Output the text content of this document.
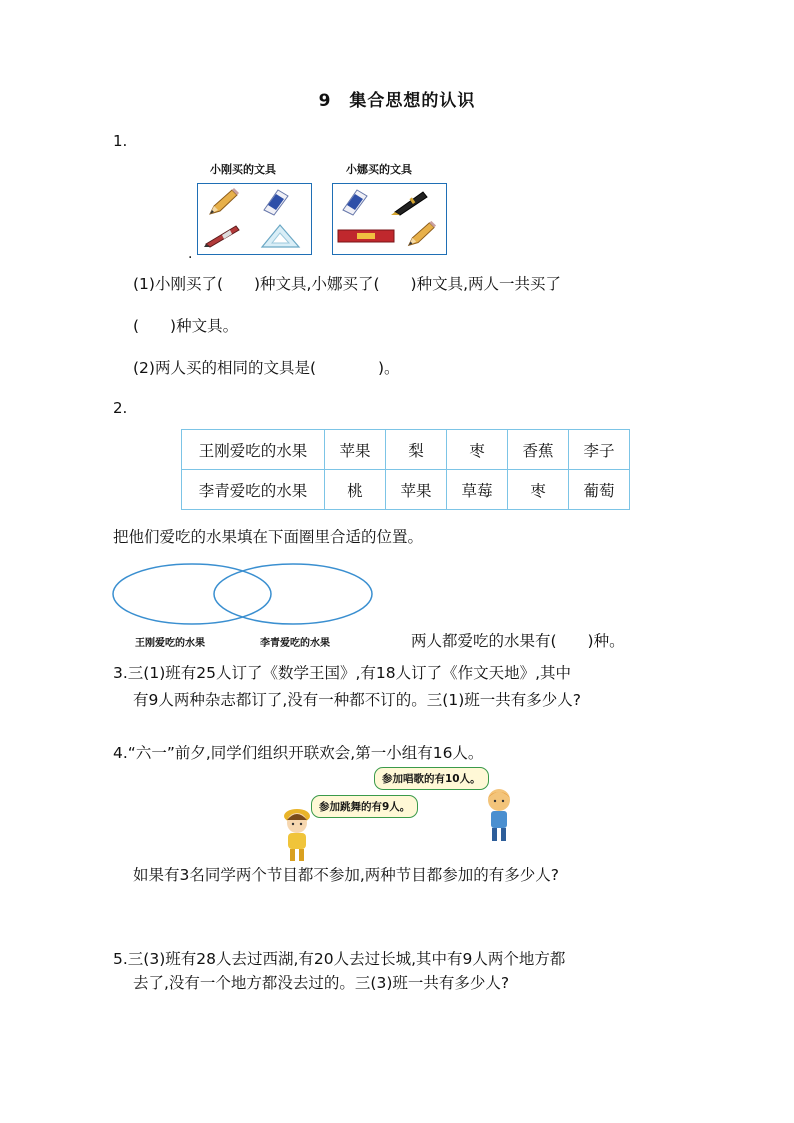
9　集合思想的认识
1.
小刚买的文具	小娜买的文具
.
(1)小刚买了(　　)种文具,小娜买了(　　)种文具,两人一共买了
(　　)种文具。
(2)两人买的相同的文具是(　　　　)。
2.
王刚爱吃的水果	苹果	梨	枣	香蕉	李子
李青爱吃的水果	桃	苹果	草莓	枣	葡萄
把他们爱吃的水果填在下面圈里合适的位置。
王刚爱吃的水果	李青爱吃的水果	两人都爱吃的水果有(　　)种。
3.三(1)班有25人订了《数学王国》,有18人订了《作文天地》,其中
有9人两种杂志都订了,没有一种都不订的。三(1)班一共有多少人?
4.“六一”前夕,同学们组织开联欢会,第一小组有16人。
参加唱歌的有10人。
参加跳舞的有9人。
如果有3名同学两个节目都不参加,两种节目都参加的有多少人?
5.三(3)班有28人去过西湖,有20人去过长城,其中有9人两个地方都
去了,没有一个地方都没去过的。三(3)班一共有多少人?
